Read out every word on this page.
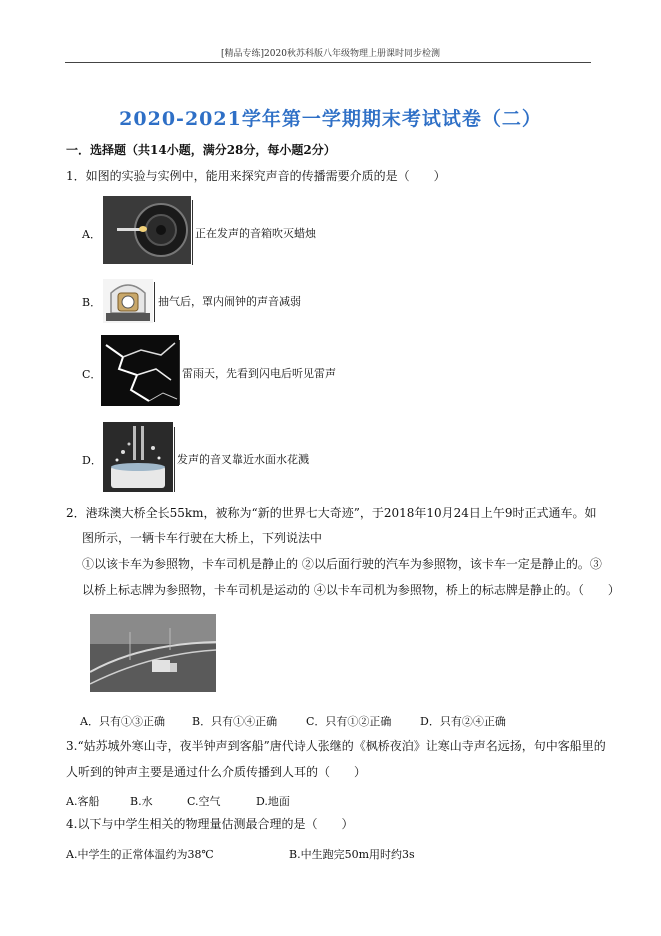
[精品专练]2020秋苏科版八年级物理上册课时同步检测
2020-2021学年第一学期期末考试试卷（二）
一．选择题（共14小题，满分28分，每小题2分）
1．如图的实验与实例中，能用来探究声音的传播需要介质的是（　　）
A．	正在发声的音箱吹灭蜡烛
B．	抽气后，罩内闹钟的声音减弱
C．	雷雨天，先看到闪电后听见雷声
D．	发声的音叉靠近水面水花溅
2．港珠澳大桥全长55km，被称为“新的世界七大奇迹”，于2018年10月24日上午9时正式通车。如
图所示，一辆卡车行驶在大桥上，下列说法中
①以该卡车为参照物，卡车司机是静止的 ②以后面行驶的汽车为参照物，该卡车一定是静止的。③
以桥上标志牌为参照物，卡车司机是运动的 ④以卡车司机为参照物，桥上的标志牌是静止的。（　　）
A．只有①③正确 B．只有①④正确	C．只有①②正确	D．只有②④正确
3.“姑苏城外寒山寺，夜半钟声到客船”唐代诗人张继的《枫桥夜泊》让寒山寺声名远扬，句中客船里的
人听到的钟声主要是通过什么介质传播到人耳的（　　）
A.客船	B.水	C.空气	D.地面
4.以下与中学生相关的物理量估测最合理的是（　　）
A.中学生的正常体温约为38℃	B.中生跑完50m用时约3s
